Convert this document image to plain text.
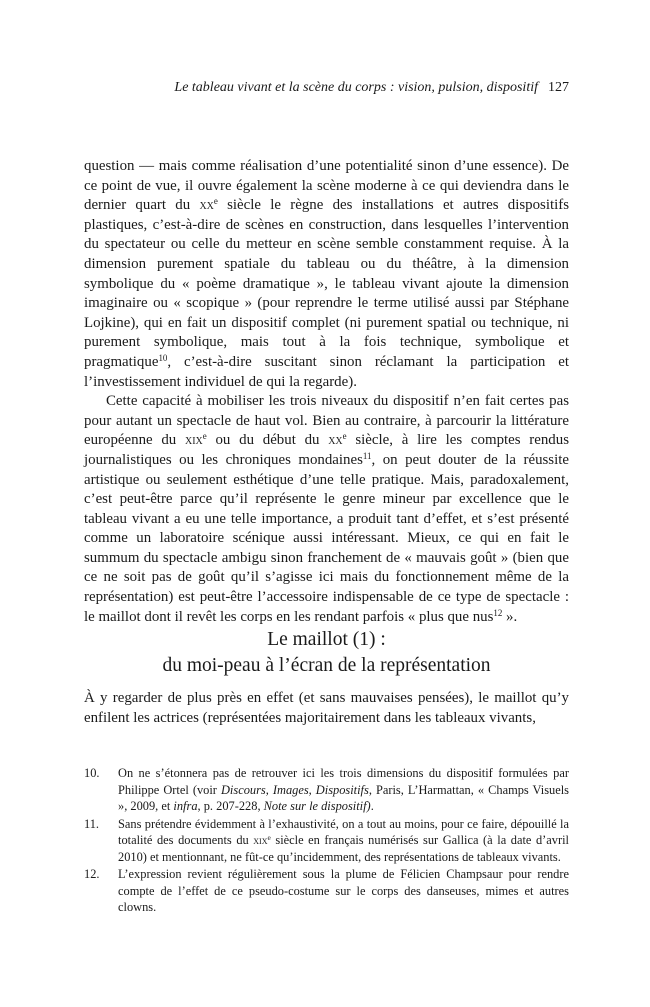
Le tableau vivant et la scène du corps : vision, pulsion, dispositif 127

question — mais comme réalisation d’une potentialité sinon d’une essence). De ce point de vue, il ouvre également la scène moderne à ce qui deviendra dans le dernier quart du $xx^e$ siècle le règne des installations et autres dispositifs plastiques, c’est-à-dire de scènes en construction, dans lesquelles l’intervention du spectateur ou celle du metteur en scène semble constamment requise. À la dimension purement spatiale du tableau ou du théâtre, à la dimension symbolique du « poème dramatique », le tableau vivant ajoute la dimension imaginaire ou « scopique » (pour reprendre le terme utilisé aussi par Stéphane Lojkine), qui en fait un dispositif complet (ni purement spatial ou technique, ni purement symbolique, mais tout à la fois technique, symbolique et pragmatique$^{10}$, c’est-à-dire suscitant sinon réclamant la participation et l’investissement individuel de qui la regarde).

Cette capacité à mobiliser les trois niveaux du dispositif n’en fait certes pas pour autant un spectacle de haut vol. Bien au contraire, à parcourir la littérature européenne du xix$^e$ ou du début du $xx^e$ siècle, à lire les comptes rendus journalistiques ou les chroniques mondaines$^{11}$, on peut douter de la réussite artistique ou seulement esthétique d’une telle pratique. Mais, paradoxalement, c’est peut-être parce qu’il représente le genre mineur par excellence que le tableau vivant a eu une telle importance, a produit tant d’effet, et s’est présenté comme un laboratoire scénique aussi intéressant. Mieux, ce qui en fait le summum du spectacle ambigu sinon franchement de « mauvais goût » (bien que ce ne soit pas de goût qu’il s’agisse ici mais du fonctionnement même de la représentation) est peut-être l’accessoire indispensable de ce type de spectacle : le maillot dont il revêt les corps en les rendant parfois « plus que nus$^{12}$ ».

Le maillot (1) :
du moi-peau à l’écran de la représentation

À y regarder de plus près en effet (et sans mauvaises pensées), le maillot qu’y enfilent les actrices (représentées majoritairement dans les tableaux vivants,

10.	On ne s’étonnera pas de retrouver ici les trois dimensions du dispositif formulées par Philippe Ortel (voir Discours, Images, Dispositifs, Paris, L’Harmattan, « Champs Visuels », 2009, et infra, p. 207-228, Note sur le dispositif).
11.	Sans prétendre évidemment à l’exhaustivité, on a tout au moins, pour ce faire, dépouillé la totalité des documents du xix$^e$ siècle en français numérisés sur Gallica (à la date d’avril 2010) et mentionnant, ne fût-ce qu’incidemment, des représentations de tableaux vivants.
12.	L’expression revient régulièrement sous la plume de Félicien Champsaur pour rendre compte de l’effet de ce pseudo-costume sur le corps des danseuses, mimes et autres clowns.
